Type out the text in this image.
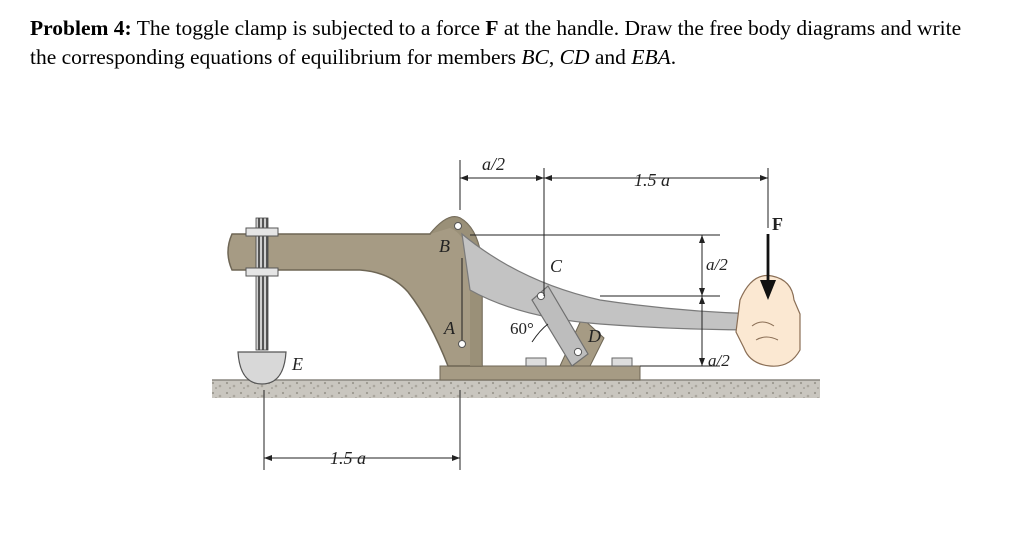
Problem 4: The toggle clamp is subjected to a force F at the handle. Draw the free body diagrams and write the corresponding equations of equilibrium for members BC, CD and EBA.
B
A
C
D
E
F
60°
a/2
1.5 a
a/2
a/2
1.5 a
